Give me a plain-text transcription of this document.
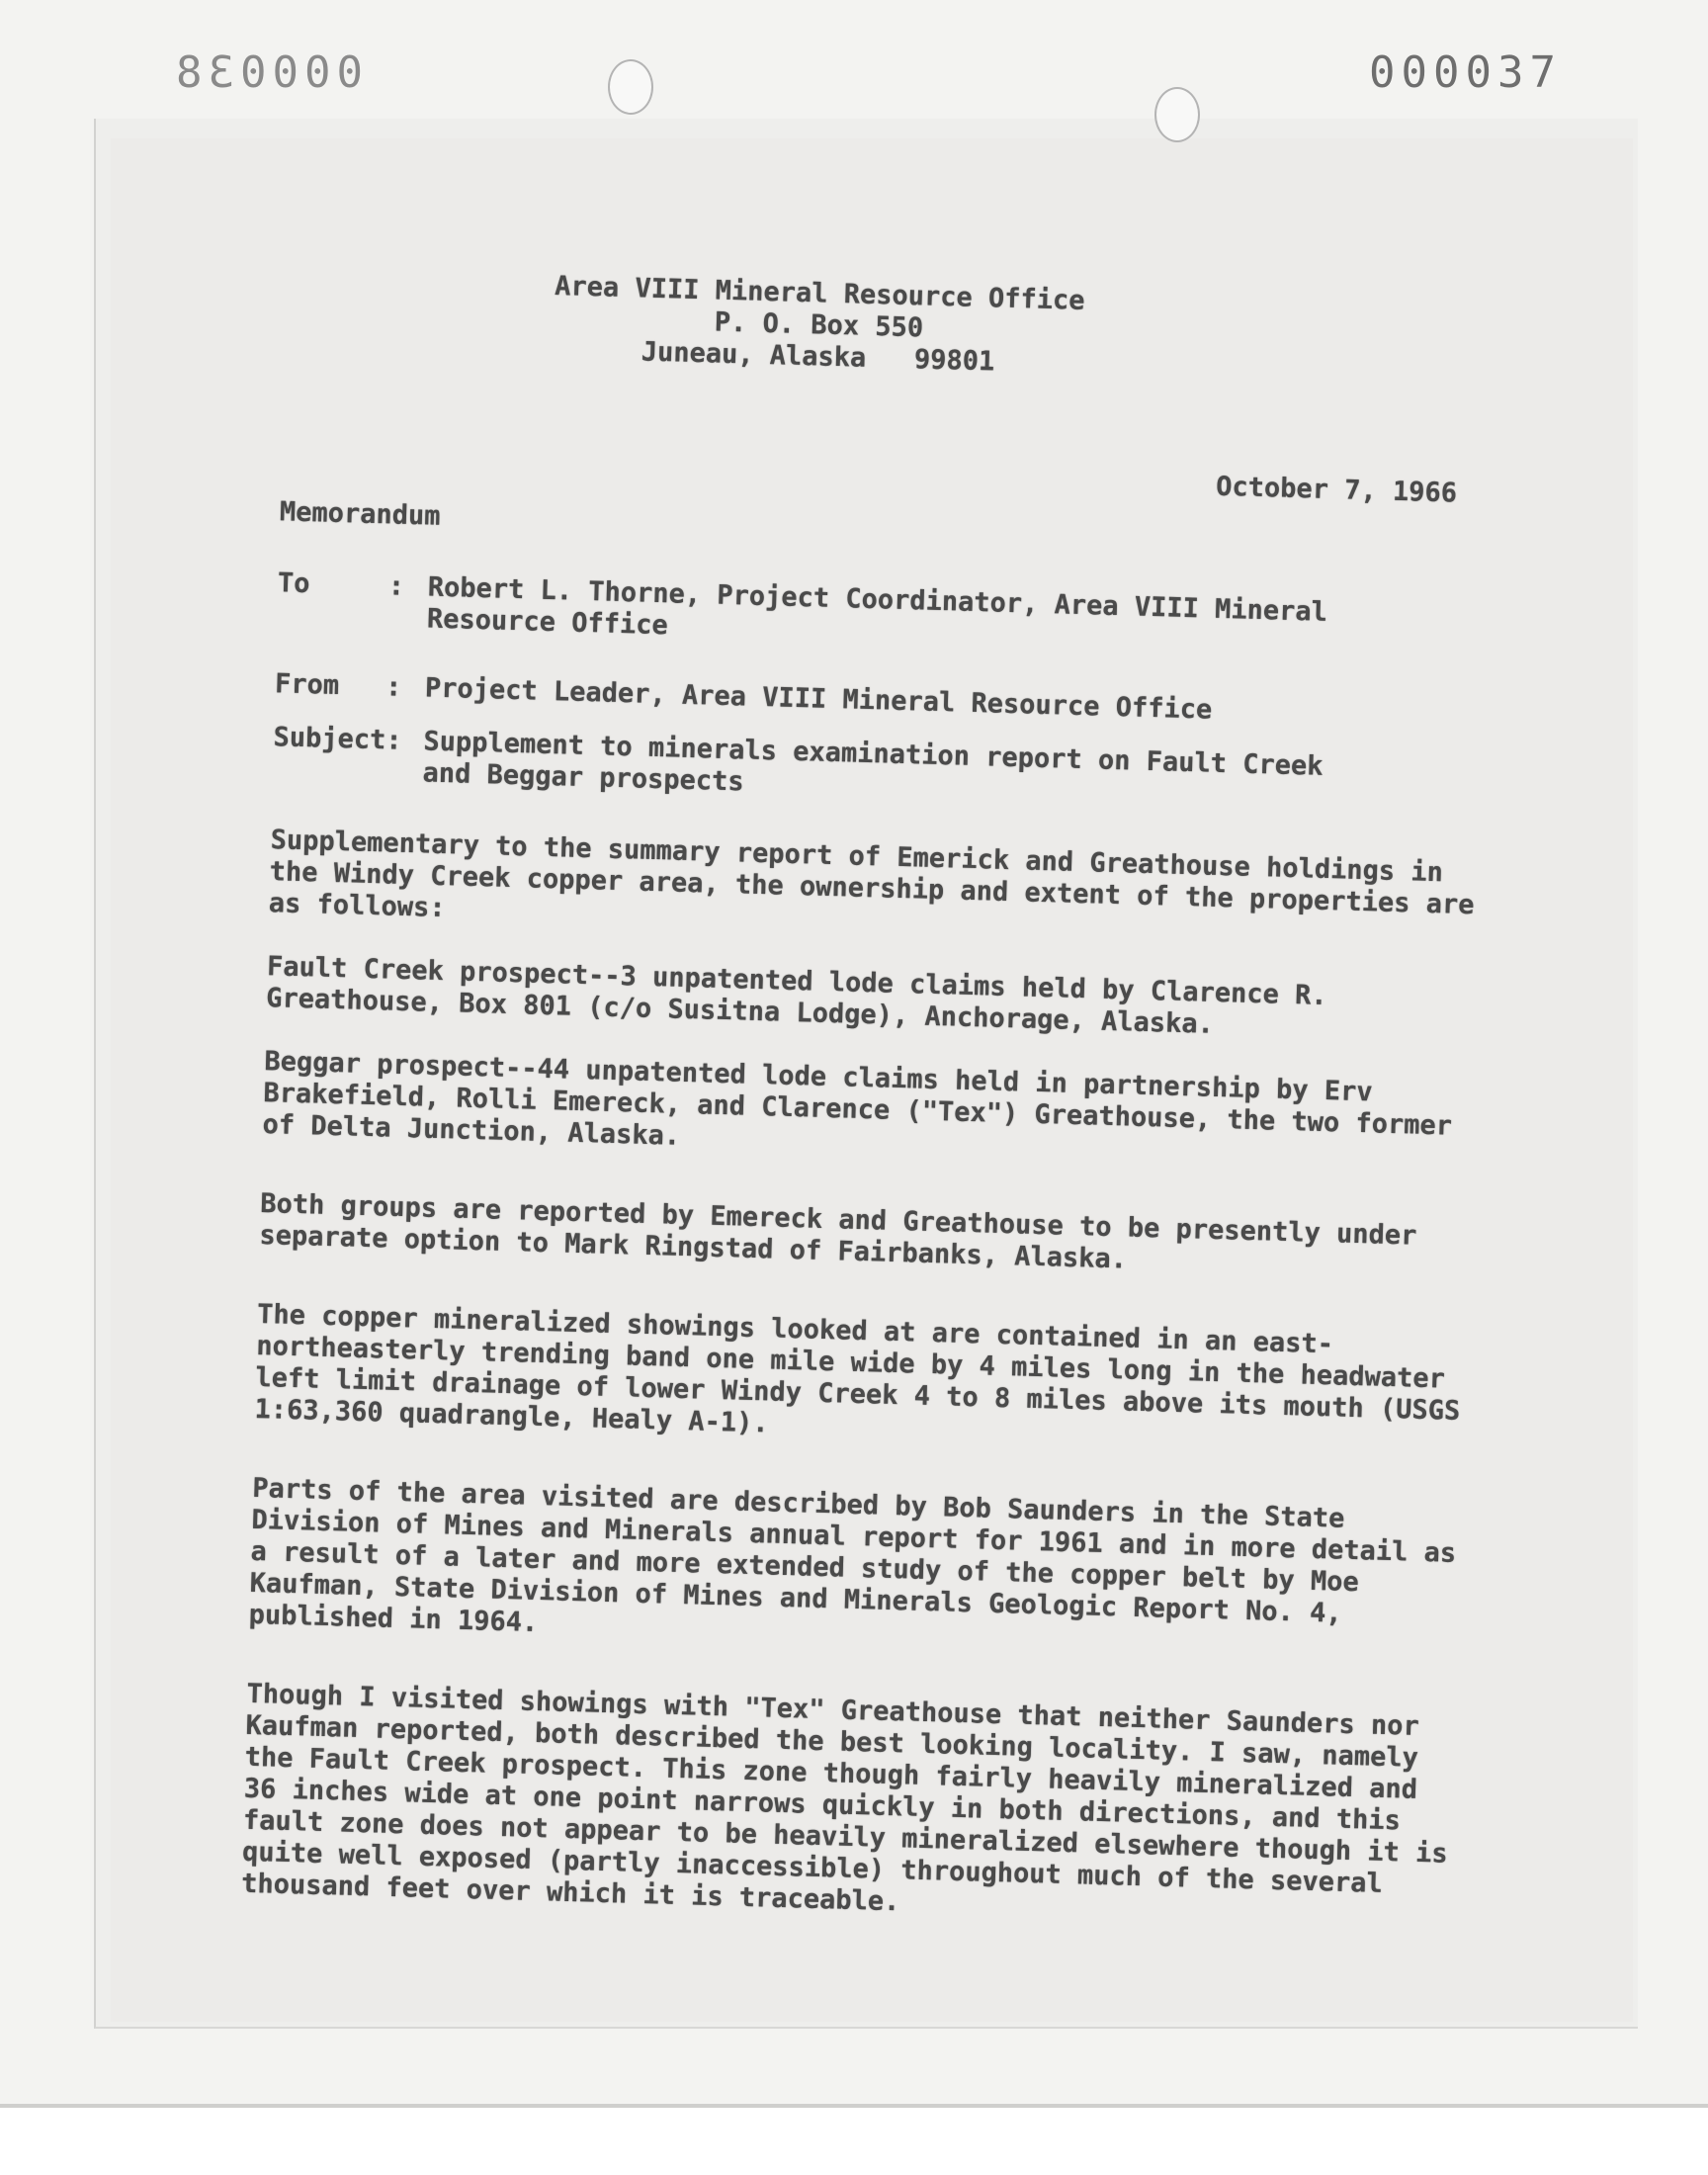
000038	000037
Area VIII Mineral Resource Office
P. O. Box 550
Juneau, Alaska   99801
October 7, 1966
Memorandum
To	: Robert L. Thorne, Project Coordinator, Area VIII Mineral Resource Office
From	: Project Leader, Area VIII Mineral Resource Office
Subject: Supplement to minerals examination report on Fault Creek and Beggar prospects

Supplementary to the summary report of Emerick and Greathouse holdings in the Windy Creek copper area, the ownership and extent of the properties are as follows:

Fault Creek prospect--3 unpatented lode claims held by Clarence R. Greathouse, Box 801 (c/o Susitna Lodge), Anchorage, Alaska.

Beggar prospect--44 unpatented lode claims held in partnership by Erv Brakefield, Rolli Emereck, and Clarence ("Tex") Greathouse, the two former of Delta Junction, Alaska.

Both groups are reported by Emereck and Greathouse to be presently under separate option to Mark Ringstad of Fairbanks, Alaska.

The copper mineralized showings looked at are contained in an east-northeasterly trending band one mile wide by 4 miles long in the headwater left limit drainage of lower Windy Creek 4 to 8 miles above its mouth (USGS 1:63,360 quadrangle, Healy A-1).

Parts of the area visited are described by Bob Saunders in the State Division of Mines and Minerals annual report for 1961 and in more detail as a result of a later and more extended study of the copper belt by Moe Kaufman, State Division of Mines and Minerals Geologic Report No. 4, published in 1964.

Though I visited showings with "Tex" Greathouse that neither Saunders nor Kaufman reported, both described the best looking locality. I saw, namely the Fault Creek prospect. This zone though fairly heavily mineralized and 36 inches wide at one point narrows quickly in both directions, and this fault zone does not appear to be heavily mineralized elsewhere though it is quite well exposed (partly inaccessible) throughout much of the several thousand feet over which it is traceable.
